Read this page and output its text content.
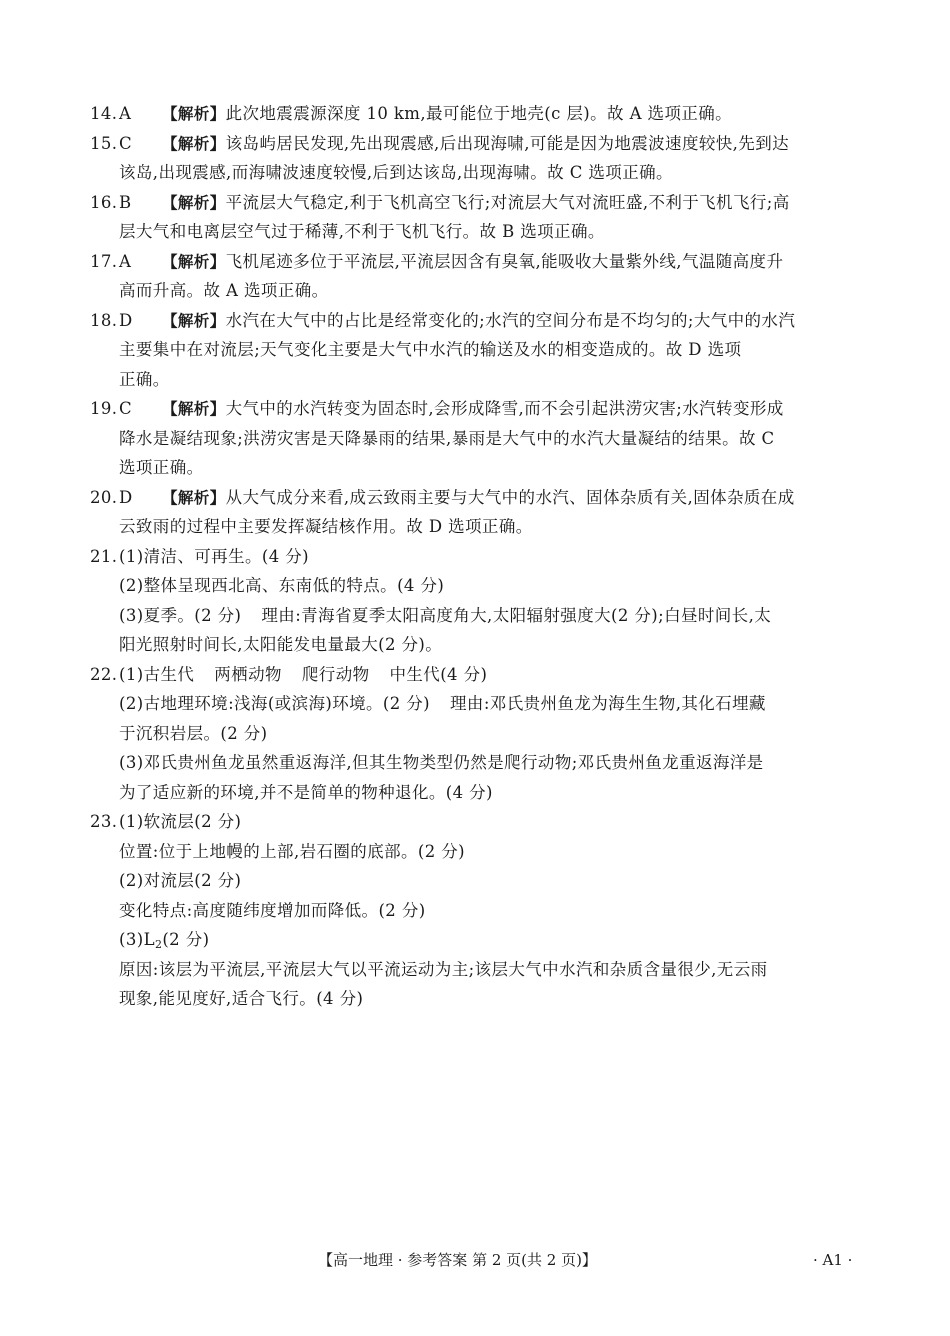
14.A 【解析】此次地震震源深度 10 km,最可能位于地壳(c 层)。故 A 选项正确。
15.C 【解析】该岛屿居民发现,先出现震感,后出现海啸,可能是因为地震波速度较快,先到达
该岛,出现震感,而海啸波速度较慢,后到达该岛,出现海啸。故 C 选项正确。
16.B 【解析】平流层大气稳定,利于飞机高空飞行;对流层大气对流旺盛,不利于飞机飞行;高
层大气和电离层空气过于稀薄,不利于飞机飞行。故 B 选项正确。
17.A 【解析】飞机尾迹多位于平流层,平流层因含有臭氧,能吸收大量紫外线,气温随高度升
高而升高。故 A 选项正确。
18.D 【解析】水汽在大气中的占比是经常变化的;水汽的空间分布是不均匀的;大气中的水汽
主要集中在对流层;天气变化主要是大气中水汽的输送及水的相变造成的。故 D 选项
正确。
19.C 【解析】大气中的水汽转变为固态时,会形成降雪,而不会引起洪涝灾害;水汽转变形成
降水是凝结现象;洪涝灾害是天降暴雨的结果,暴雨是大气中的水汽大量凝结的结果。故 C
选项正确。
20.D 【解析】从大气成分来看,成云致雨主要与大气中的水汽、固体杂质有关,固体杂质在成
云致雨的过程中主要发挥凝结核作用。故 D 选项正确。
21.(1)清洁、可再生。(4 分)
(2)整体呈现西北高、东南低的特点。(4 分)
(3)夏季。(2 分) 理由:青海省夏季太阳高度角大,太阳辐射强度大(2 分);白昼时间长,太
阳光照射时间长,太阳能发电量最大(2 分)。
22.(1)古生代 两栖动物 爬行动物 中生代(4 分)
(2)古地理环境:浅海(或滨海)环境。(2 分) 理由:邓氏贵州鱼龙为海生生物,其化石埋藏
于沉积岩层。(2 分)
(3)邓氏贵州鱼龙虽然重返海洋,但其生物类型仍然是爬行动物;邓氏贵州鱼龙重返海洋是
为了适应新的环境,并不是简单的物种退化。(4 分)
23.(1)软流层(2 分)
位置:位于上地幔的上部,岩石圈的底部。(2 分)
(2)对流层(2 分)
变化特点:高度随纬度增加而降低。(2 分)
$(3)L_2(2$ 分)
原因:该层为平流层,平流层大气以平流运动为主;该层大气中水汽和杂质含量很少,无云雨
现象,能见度好,适合飞行。(4 分)
【高一地理 · 参考答案 第 2 页(共 2 页)】	· A1 ·
